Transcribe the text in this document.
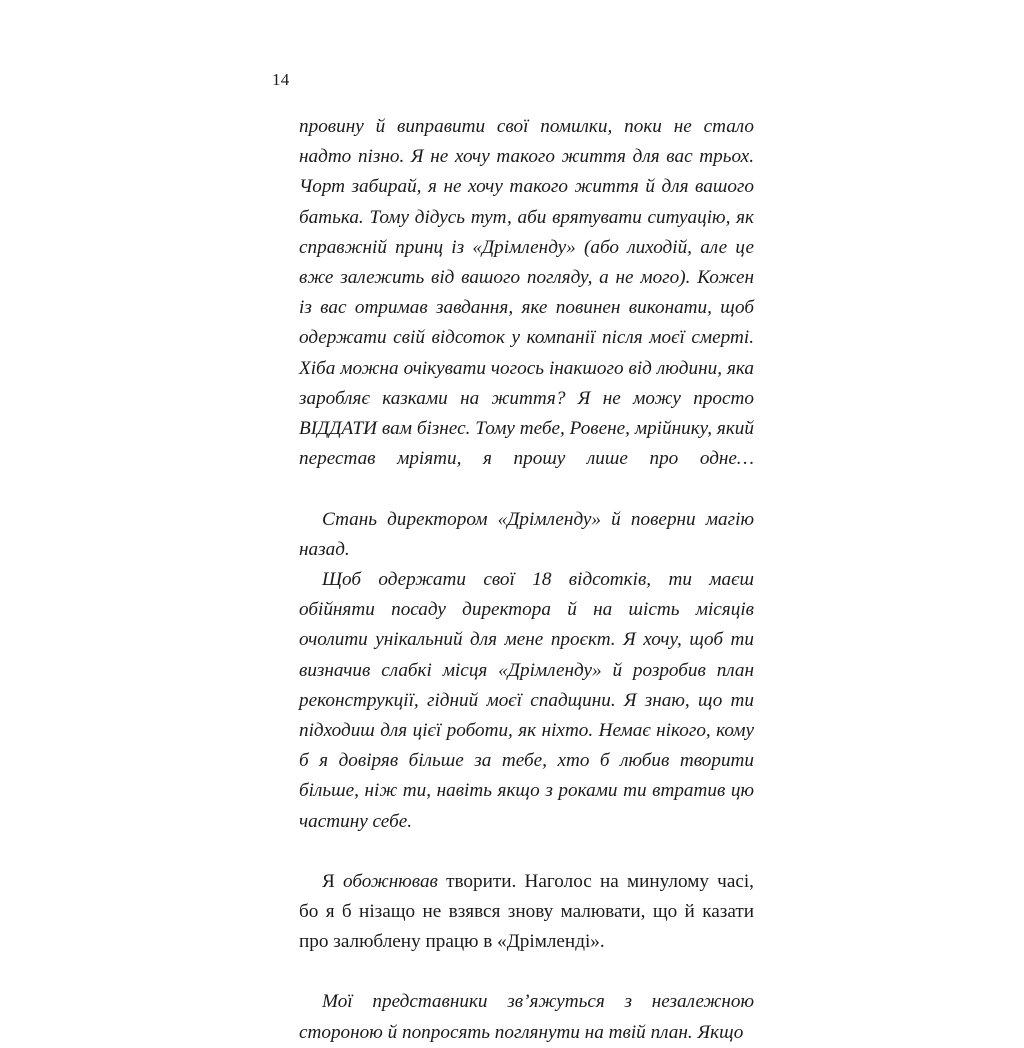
14

провину й виправити свої помилки, поки не стало надто пізно. Я не хочу такого життя для вас трьох. Чорт забирай, я не хочу такого життя й для вашого батька. Тому дідусь тут, аби врятувати ситуацію, як справжній принц із «Дрімленду» (або лиходій, але це вже залежить від вашого погляду, а не мого). Кожен із вас отримав завдання, яке повинен виконати, щоб одержати свій відсоток у компанії після моєї смерті. Хіба можна очікувати чогось інакшого від людини, яка заробляє казками на життя? Я не можу просто ВІДДАТИ вам бізнес. Тому тебе, Ровене, мрійнику, який перестав мріяти, я прошу лише про одне…

Стань директором «Дрімленду» й поверни магію назад.

Щоб одержати свої 18 відсотків, ти маєш обійняти посаду директора й на шість місяців очолити унікальний для мене проєкт. Я хочу, щоб ти визначив слабкі місця «Дрімленду» й розробив план реконструкції, гідний моєї спадщини. Я знаю, що ти підходиш для цієї роботи, як ніхто. Немає нікого, кому б я довіряв більше за тебе, хто б любив творити більше, ніж ти, навіть якщо з роками ти втратив цю частину себе.

Я обожнював творити. Наголос на минулому часі, бо я б нізащо не взявся знову малювати, що й казати про залюблену працю в «Дрімленді».

Мої представники зв’яжуться з незалежною стороною й попросять поглянути на твій план. Якщо
